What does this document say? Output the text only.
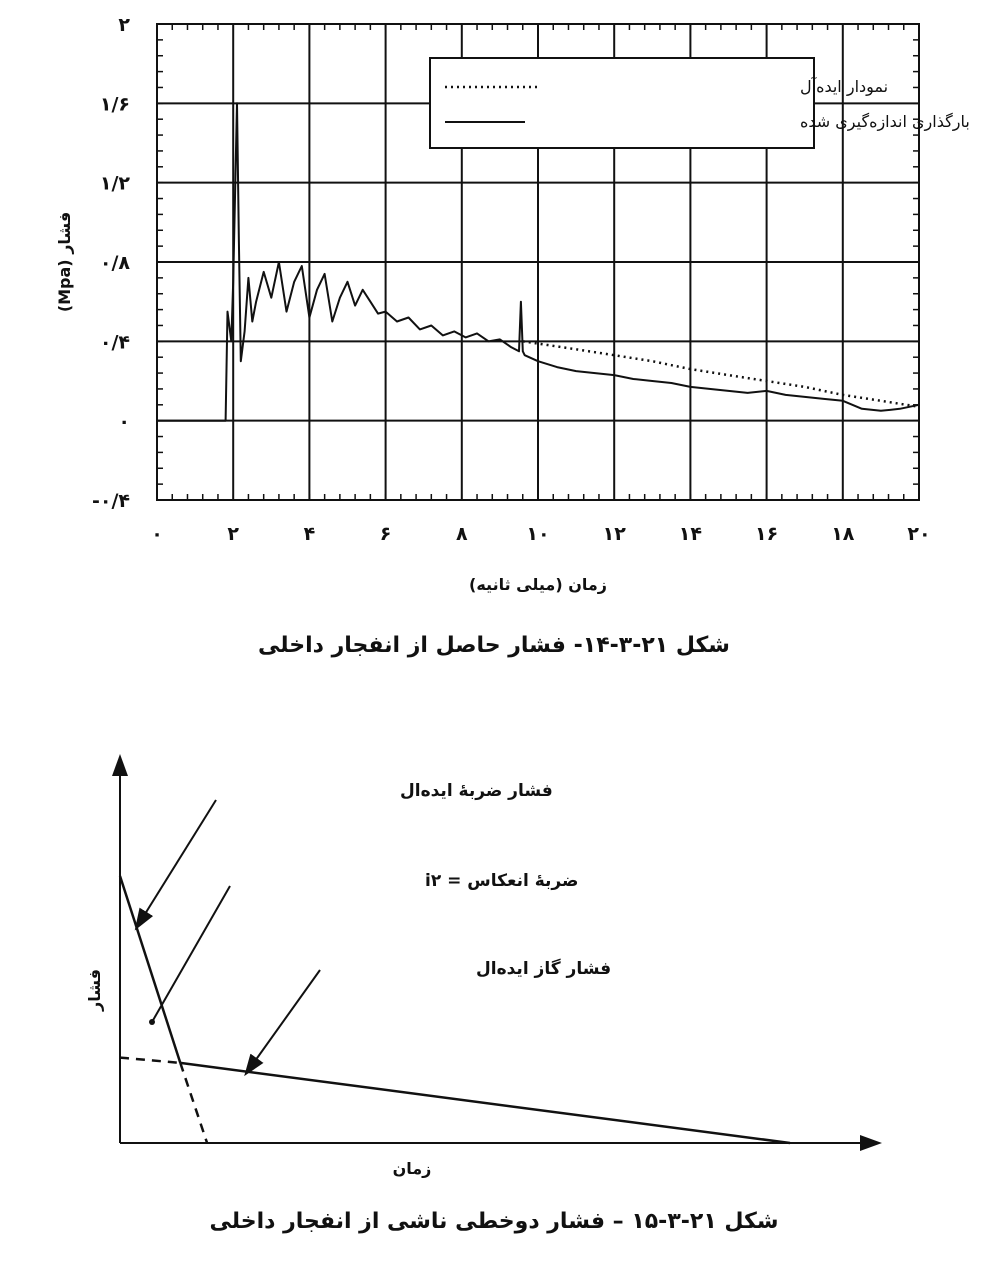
۰	۲	۴	۶	۸	۱۰	۱۲	۱۴	۱۶	۱۸	۲۰
-۰/۴
۰
۰/۴
۰/۸
۱/۲
۱/۶
۲
نمودار ایده‌آل
بارگذاری اندازه‌گیری شده
فشار (Mpa)
زمان (میلی ثانیه)
شکل ۲۱-۳-۱۴- فشار حاصل از انفجار داخلی
فشار ضربهٔ ایده‌ال
ضربهٔ انعکاس = i۲
فشار گاز ایده‌ال
فشار
زمان
شکل ۲۱-۳-۱۵ – فشار دوخطی ناشی از انفجار داخلی
